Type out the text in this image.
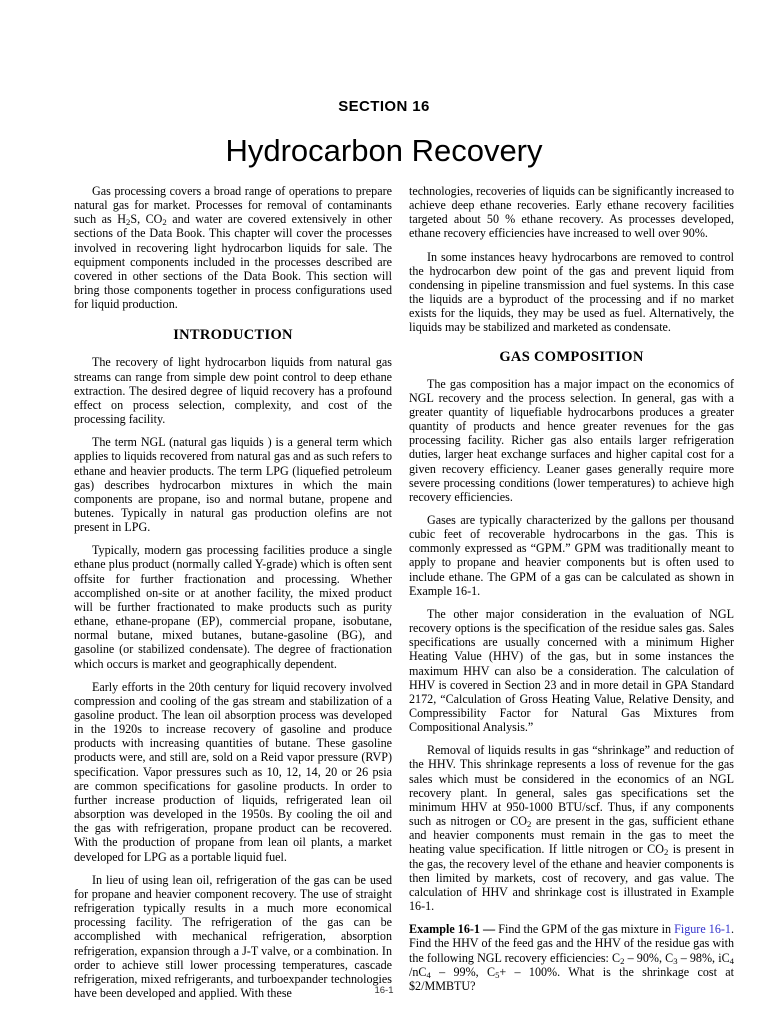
SECTION 16
Hydrocarbon Recovery

Gas processing covers a broad range of operations to prepare natural gas for market. Processes for removal of contaminants such as $H_2S$, $CO_2$ and water are covered extensively in other sections of the Data Book. This chapter will cover the processes involved in recovering light hydrocarbon liquids for sale. The equipment components included in the processes described are covered in other sections of the Data Book. This section will bring those components together in process configurations used for liquid production.

INTRODUCTION

The recovery of light hydrocarbon liquids from natural gas streams can range from simple dew point control to deep ethane extraction. The desired degree of liquid recovery has a profound effect on process selection, complexity, and cost of the processing facility.

The term NGL (natural gas liquids ) is a general term which applies to liquids recovered from natural gas and as such refers to ethane and heavier products. The term LPG (liquefied petroleum gas) describes hydrocarbon mixtures in which the main components are propane, iso and normal butane, propene and butenes. Typically in natural gas production olefins are not present in LPG.

Typically, modern gas processing facilities produce a single ethane plus product (normally called Y-grade) which is often sent offsite for further fractionation and processing. Whether accomplished on-site or at another facility, the mixed product will be further fractionated to make products such as purity ethane, ethane-propane (EP), commercial propane, isobutane, normal butane, mixed butanes, butane-gasoline (BG), and gasoline (or stabilized condensate). The degree of fractionation which occurs is market and geographically dependent.

Early efforts in the 20th century for liquid recovery involved compression and cooling of the gas stream and stabilization of a gasoline product. The lean oil absorption process was developed in the 1920s to increase recovery of gasoline and produce products with increasing quantities of butane. These gasoline products were, and still are, sold on a Reid vapor pressure (RVP) specification. Vapor pressures such as 10, 12, 14, 20 or 26 psia are common specifications for gasoline products. In order to further increase production of liquids, refrigerated lean oil absorption was developed in the 1950s. By cooling the oil and the gas with refrigeration, propane product can be recovered. With the production of propane from lean oil plants, a market developed for LPG as a portable liquid fuel.

In lieu of using lean oil, refrigeration of the gas can be used for propane and heavier component recovery. The use of straight refrigeration typically results in a much more economical processing facility. The refrigeration of the gas can be accomplished with mechanical refrigeration, absorption refrigeration, expansion through a J-T valve, or a combination. In order to achieve still lower processing temperatures, cascade refrigeration, mixed refrigerants, and turboexpander technologies have been developed and applied. With these

technologies, recoveries of liquids can be significantly increased to achieve deep ethane recoveries. Early ethane recovery facilities targeted about 50 % ethane recovery. As processes developed, ethane recovery efficiencies have increased to well over 90%.

In some instances heavy hydrocarbons are removed to control the hydrocarbon dew point of the gas and prevent liquid from condensing in pipeline transmission and fuel systems. In this case the liquids are a byproduct of the processing and if no market exists for the liquids, they may be used as fuel. Alternatively, the liquids may be stabilized and marketed as condensate.

GAS COMPOSITION

The gas composition has a major impact on the economics of NGL recovery and the process selection. In general, gas with a greater quantity of liquefiable hydrocarbons produces a greater quantity of products and hence greater revenues for the gas processing facility. Richer gas also entails larger refrigeration duties, larger heat exchange surfaces and higher capital cost for a given recovery efficiency. Leaner gases generally require more severe processing conditions (lower temperatures) to achieve high recovery efficiencies.

Gases are typically characterized by the gallons per thousand cubic feet of recoverable hydrocarbons in the gas. This is commonly expressed as “GPM.” GPM was traditionally meant to apply to propane and heavier components but is often used to include ethane. The GPM of a gas can be calculated as shown in Example 16-1.

The other major consideration in the evaluation of NGL recovery options is the specification of the residue sales gas. Sales specifications are usually concerned with a minimum Higher Heating Value (HHV) of the gas, but in some instances the maximum HHV can also be a consideration. The calculation of HHV is covered in Section 23 and in more detail in GPA Standard 2172, “Calculation of Gross Heating Value, Relative Density, and Compressibility Factor for Natural Gas Mixtures from Compositional Analysis.”

Removal of liquids results in gas “shrinkage” and reduction of the HHV. This shrinkage represents a loss of revenue for the gas sales which must be considered in the economics of an NGL recovery plant. In general, sales gas specifications set the minimum HHV at 950-1000 BTU/scf. Thus, if any components such as nitrogen or $CO_2$ are present in the gas, sufficient ethane and heavier components must remain in the gas to meet the heating value specification. If little nitrogen or $CO_2$ is present in the gas, the recovery level of the ethane and heavier components is then limited by markets, cost of recovery, and gas value. The calculation of HHV and shrinkage cost is illustrated in Example 16-1.

Example 16-1 — Find the GPM of the gas mixture in Figure 16-1. Find the HHV of the feed gas and the HHV of the residue gas with the following NGL recovery efficiencies: $C_2 - 90\%$, $C_3 - 98\%$, $iC_4$ $/nC_4 - 99\%$, $C_5+ - 100\%$. What is the shrinkage cost at $2/MMBTU?

16-1
